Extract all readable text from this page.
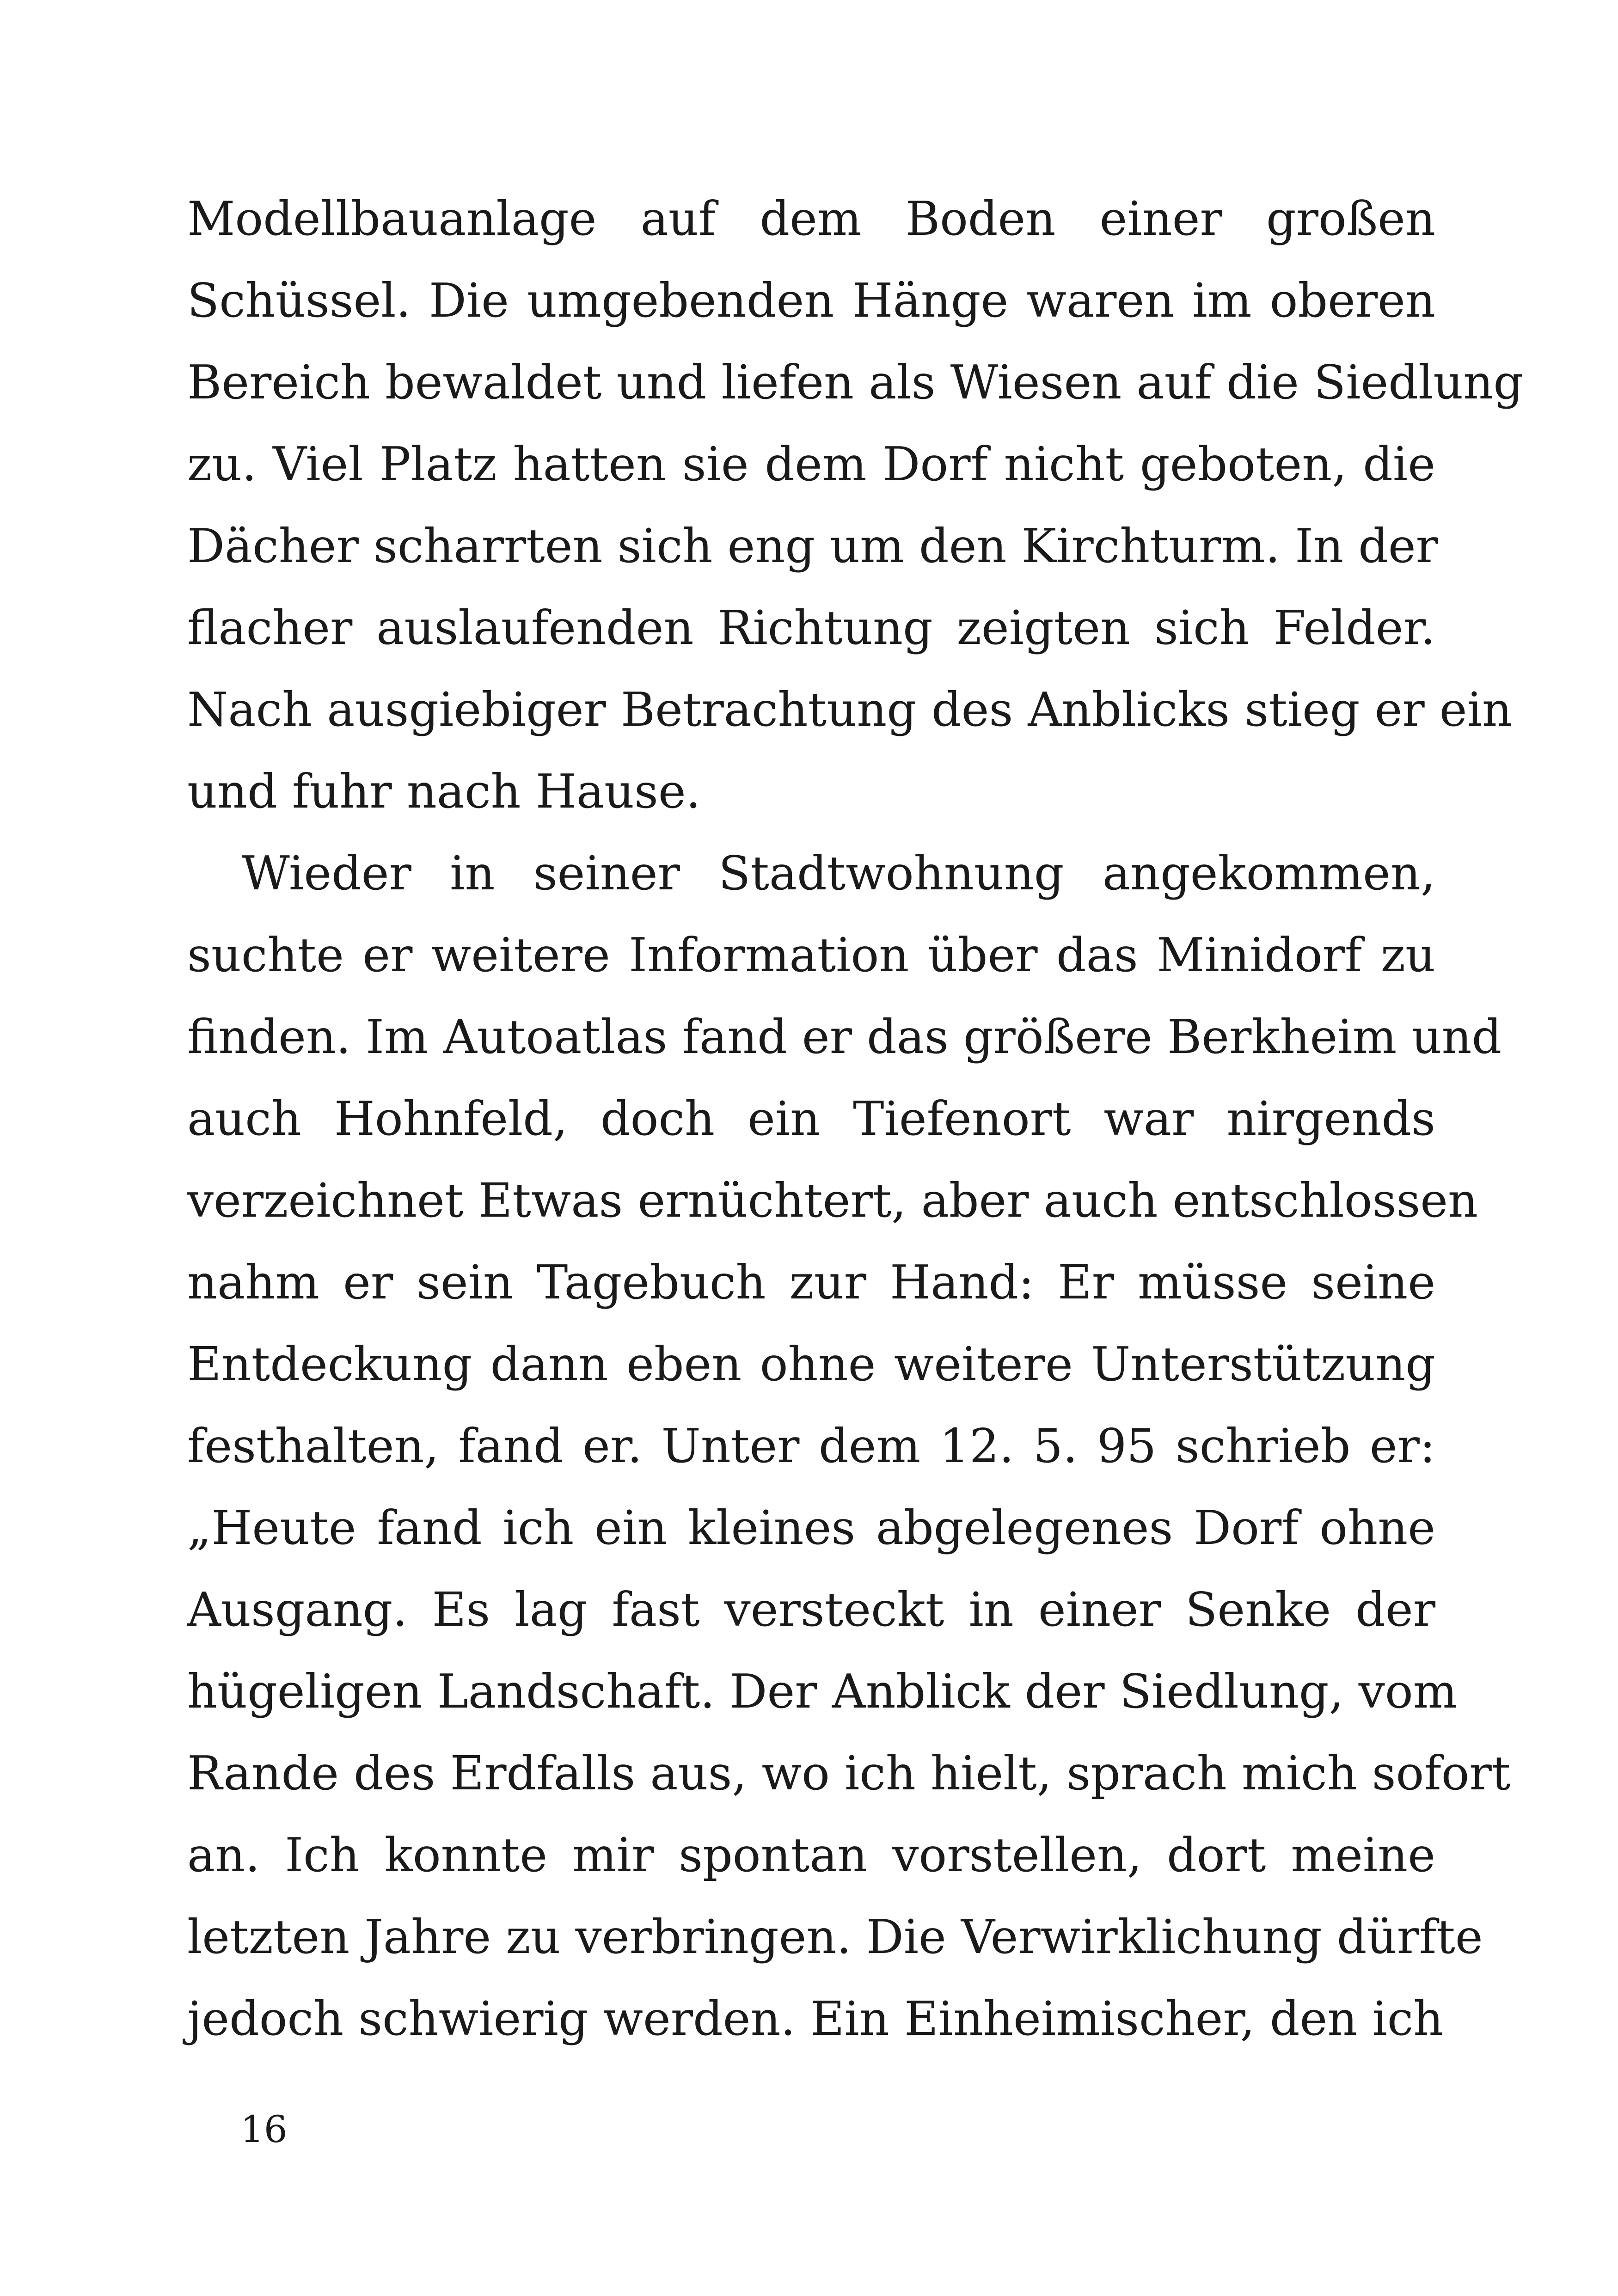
Modellbauanlage auf dem Boden einer großen
Schüssel. Die umgebenden Hänge waren im oberen
Bereich bewaldet und liefen als Wiesen auf die Siedlung
zu. Viel Platz hatten sie dem Dorf nicht geboten, die
Dächer scharrten sich eng um den Kirchturm. In der
flacher auslaufenden Richtung zeigten sich Felder.
Nach ausgiebiger Betrachtung des Anblicks stieg er ein
und fuhr nach Hause.
Wieder in seiner Stadtwohnung angekommen,
suchte er weitere Information über das Minidorf zu
finden. Im Autoatlas fand er das größere Berkheim und
auch Hohnfeld, doch ein Tiefenort war nirgends
verzeichnet Etwas ernüchtert, aber auch entschlossen
nahm er sein Tagebuch zur Hand: Er müsse seine
Entdeckung dann eben ohne weitere Unterstützung
festhalten, fand er. Unter dem 12. 5. 95 schrieb er:
„Heute fand ich ein kleines abgelegenes Dorf ohne
Ausgang. Es lag fast versteckt in einer Senke der
hügeligen Landschaft. Der Anblick der Siedlung, vom
Rande des Erdfalls aus, wo ich hielt, sprach mich sofort
an. Ich konnte mir spontan vorstellen, dort meine
letzten Jahre zu verbringen. Die Verwirklichung dürfte
jedoch schwierig werden. Ein Einheimischer, den ich
16
